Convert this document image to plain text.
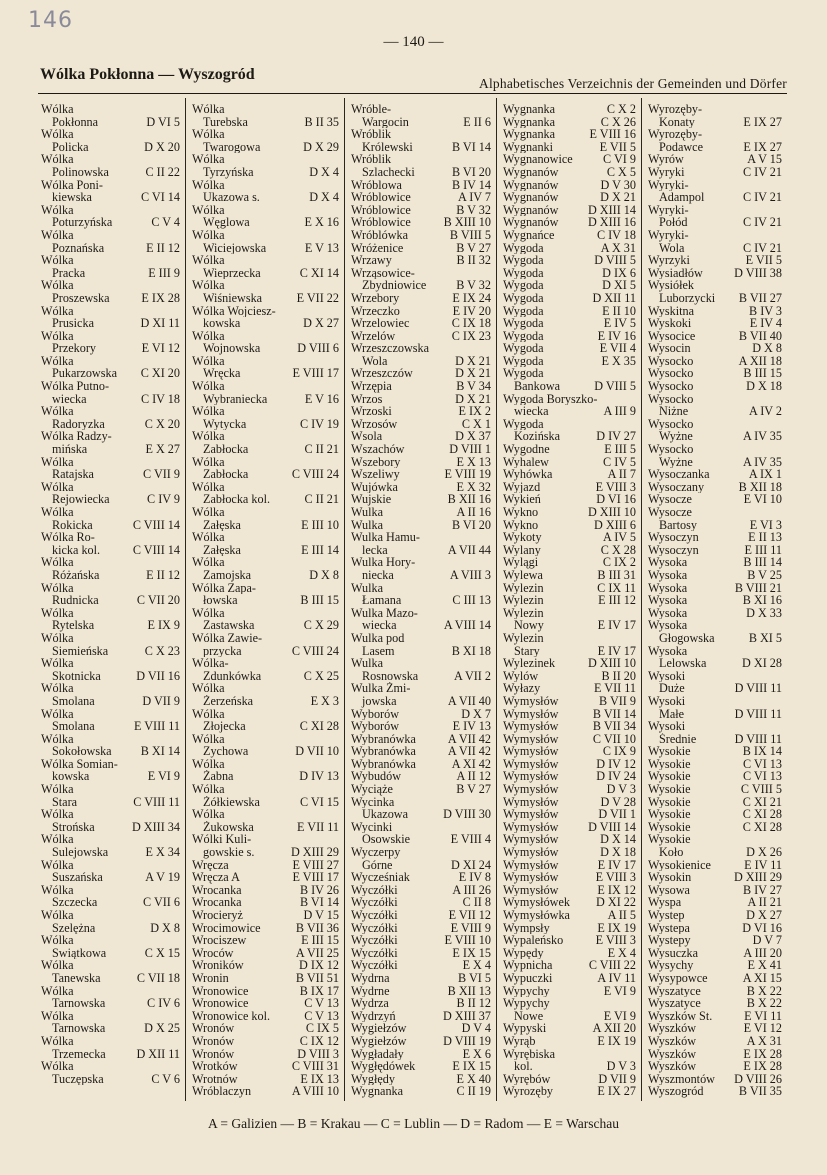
146
— 140 —
Wólka Pokłonna — Wyszogród
Alphabetisches Verzeichnis der Gemeinden und Dörfer
Wólka
Pokłonna	D VI 5
Wólka
Policka	D X 20
Wólka
Polinowska	C II 22
Wólka Poni-
kiewska	C VI 14
Wólka
Poturzyńska	C V 4
Wólka
Poznańska	E II 12
Wólka
Pracka	E III 9
Wólka
Proszewska	E IX 28
Wólka
Prusicka	D XI 11
Wólka
Przekory	E VI 12
Wólka
Pukarzowska	C XI 20
Wólka Putno-
wiecka	C IV 18
Wólka
Radoryzka	C X 20
Wólka Radzy-
mińska	E X 27
Wólka
Ratajska	C VII 9
Wólka
Rejowiecka	C IV 9
Wólka
Rokicka	C VIII 14
Wólka Ro-
kicka kol.	C VIII 14
Wólka
Różańska	E II 12
Wólka
Rudnicka	C VII 20
Wólka
Rytelska	E IX 9
Wólka
Siemieńska	C X 23
Wólka
Skotnicka	D VII 16
Wólka
Smolana	D VII 9
Wólka
Smolana	E VIII 11
Wólka
Sokołowska	B XI 14
Wólka Somian-
kowska	E VI 9
Wólka
Stara	C VIII 11
Wólka
Strońska	D XIII 34
Wólka
Sulejowska	E X 34
Wólka
Suszańska	A V 19
Wólka
Szczecka	C VII 6
Wólka
Szelężna	D X 8
Wólka
Swiątkowa	C X 15
Wólka
Tanewska	C VII 18
Wólka
Tarnowska	C IV 6
Wólka
Tarnowska	D X 25
Wólka
Trzemecka	D XII 11
Wólka
Tuczępska	C V 6
Wólka
Turebska	B II 35
Wólka
Twarogowa	D X 29
Wólka
Tyrzyńska	D X 4
Wólka
Ukazowa s.	D X 4
Wólka
Węglowa	E X 16
Wólka
Wiciejowska	E V 13
Wólka
Wieprzecka	C XI 14
Wólka
Wiśniewska	E VII 22
Wólka Wojciesz-
kowska	D X 27
Wólka
Wojnowska	D VIII 6
Wólka
Wręcka	E VIII 17
Wólka
Wybraniecka	E V 16
Wólka
Wytycka	C IV 19
Wólka
Zabłocka	C II 21
Wólka
Zabłocka	C VIII 24
Wólka
Zabłocka kol.	C II 21
Wólka
Załęska	E III 10
Wólka
Załęska	E III 14
Wólka
Zamojska	D X 8
Wólka Zapa-
łowska	B III 15
Wólka
Zastawska	C X 29
Wólka Zawie-
przycka	C VIII 24
Wólka-
Zdunkówka	C X 25
Wólka
Żerzeńska	E X 3
Wólka
Złojecka	C XI 28
Wólka
Zychowa	D VII 10
Wólka
Żabna	D IV 13
Wólka
Żółkiewska	C VI 15
Wólka
Żukowska	E VII 11
Wólki Kuli-
gowskie s.	D XIII 29
Wręcza	E VIII 27
Wręcza A	E VIII 17
Wrocanka	B IV 26
Wrocanka	B VI 14
Wrocieryż	D V 15
Wrocimowice	B VII 36
Wrociszew	E III 15
Wroców	A VII 25
Wroników	D IX 12
Wronin	B VII 51
Wronowice	B IX 17
Wronowice	C V 13
Wronowice kol.	C V 13
Wronów	C IX 5
Wronów	C IX 12
Wronów	D VIII 3
Wrotków	C VIII 31
Wrotnów	E IX 13
Wróblaczyn	A VIII 10
Wróble-
Wargocin	E II 6
Wróblik
Królewski	B VI 14
Wróblik
Szlachecki	B VI 20
Wróblowa	B IV 14
Wróblowice	A IV 7
Wróblowice	B V 32
Wróblowice	B XIII 10
Wróblówka	B VIII 5
Wróżenice	B V 27
Wrzawy	B II 32
Wrząsowice-
Zbydniowice	B V 32
Wrzebory	E IX 24
Wrzeczko	E IV 20
Wrzelowiec	C IX 18
Wrzelów	C IX 23
Wrzeszczowska
Wola	D X 21
Wrzeszczów	D X 21
Wrzępia	B V 34
Wrzos	D X 21
Wrzoski	E IX 2
Wrzosów	C X 1
Wsola	D X 37
Wszachów	D VIII 1
Wszebory	E X 13
Wszeliwy	E VIII 19
Wujówka	E X 32
Wujskie	B XII 16
Wulka	A II 16
Wulka	B VI 20
Wulka Hamu-
lecka	A VII 44
Wulka Hory-
niecka	A VIII 3
Wulka
Łamana	C III 13
Wulka Mazo-
wiecka	A VIII 14
Wulka pod
Lasem	B XI 18
Wulka
Rosnowska	A VII 2
Wulka Żmi-
jowska	A VII 40
Wyborów	D X 7
Wyborów	E IV 13
Wybranówka	A VII 42
Wybranówka	A VII 42
Wybranówka	A XI 42
Wybudów	A II 12
Wyciąże	B V 27
Wycinka
Ukazowa	D VIII 30
Wycinki
Osowskie	E VIII 4
Wyczerpy
Górne	D XI 24
Wycześniak	E IV 8
Wyczółki	A III 26
Wyczółki	C II 8
Wyczółki	E VII 12
Wyczółki	E VIII 9
Wyczółki	E VIII 10
Wyczółki	E IX 15
Wyczółki	E X 4
Wydrna	B VI 5
Wydrne	B XII 13
Wydrza	B II 12
Wydrzyń	D XIII 37
Wygiełzów	D V 4
Wygiełzów	D VIII 19
Wygładały	E X 6
Wygłędówek	E IX 15
Wygłędy	E X 40
Wygnanka	C II 19
Wygnanka	C X 2
Wygnanka	C X 26
Wygnanka	E VIII 16
Wygnanki	E VII 5
Wygnanowice	C VI 9
Wygnanów	C X 5
Wygnanów	D V 30
Wygnanów	D X 21
Wygnanów	D XIII 14
Wygnanów	D XIII 16
Wygnańce	C IV 18
Wygoda	A X 31
Wygoda	D VIII 5
Wygoda	D IX 6
Wygoda	D XI 5
Wygoda	D XII 11
Wygoda	E II 10
Wygoda	E IV 5
Wygoda	E IV 16
Wygoda	E VII 4
Wygoda	E X 35
Wygoda
Bankowa	D VIII 5
Wygoda Boryszko-
wiecka	A III 9
Wygoda
Kozińska	D IV 27
Wygodne	E III 5
Wyhalew	C IV 5
Wyhówka	A II 7
Wyjazd	E VIII 3
Wykień	D VI 16
Wykno	D XIII 10
Wykno	D XIII 6
Wykoty	A IV 5
Wylany	C X 28
Wylągi	C IX 2
Wylewa	B III 31
Wylezin	C IX 11
Wylezin	E III 12
Wylezin
Nowy	E IV 17
Wylezin
Stary	E IV 17
Wylezinek	D XIII 10
Wylów	B II 20
Wyłazy	E VII 11
Wymysłów	B VII 9
Wymysłów	B VII 14
Wymysłów	B VII 34
Wymysłów	C VII 10
Wymysłów	C IX 9
Wymysłów	D IV 12
Wymysłów	D IV 24
Wymysłów	D V 3
Wymysłów	D V 28
Wymysłów	D VII 1
Wymysłów	D VIII 14
Wymysłów	D X 14
Wymysłów	D X 18
Wymysłów	E IV 17
Wymysłów	E VIII 3
Wymysłów	E IX 12
Wymysłówek	D XI 22
Wymysłówka	A II 5
Wympsły	E IX 19
Wypaleńsko	E VIII 3
Wypędy	E X 4
Wypnicha	C VIII 22
Wypuczki	A IV 11
Wypychy	E VI 9
Wypychy
Nowe	E VI 9
Wypyski	A XII 20
Wyrąb	E IX 19
Wyrębiska
kol.	D V 3
Wyrębów	D VII 9
Wyrozęby	E IX 27
Wyrozęby-
Konaty	E IX 27
Wyrozęby-
Podawce	E IX 27
Wyrów	A V 15
Wyryki	C IV 21
Wyryki-
Adampol	C IV 21
Wyryki-
Połód	C IV 21
Wyryki-
Wola	C IV 21
Wyrzyki	E VII 5
Wysiadłów	D VIII 38
Wysiółek
Luborzycki	B VII 27
Wyskitna	B IV 3
Wyskoki	E IV 4
Wysocice	B VII 40
Wysocin	D X 8
Wysocko	A XII 18
Wysocko	B III 15
Wysocko	D X 18
Wysocko
Niżne	A IV 2
Wysocko
Wyżne	A IV 35
Wysocko
Wyżne	A IV 35
Wysoczanka	A IX 1
Wysoczany	B XII 18
Wysocze	E VI 10
Wysocze
Bartosy	E VI 3
Wysoczyn	E II 13
Wysoczyn	E III 11
Wysoka	B III 14
Wysoka	B V 25
Wysoka	B VIII 21
Wysoka	B XI 16
Wysoka	D X 33
Wysoka
Głogowska	B XI 5
Wysoka
Lelowska	D XI 28
Wysoki
Duże	D VIII 11
Wysoki
Małe	D VIII 11
Wysoki
Średnie	D VIII 11
Wysokie	B IX 14
Wysokie	C VI 13
Wysokie	C VI 13
Wysokie	C VIII 5
Wysokie	C XI 21
Wysokie	C XI 28
Wysokie	C XI 28
Wysokie
Koło	D X 26
Wysokienice	E IV 11
Wysokin	D XIII 29
Wysowa	B IV 27
Wyspa	A II 21
Wystep	D X 27
Wystepa	D VI 16
Wystepy	D V 7
Wysuczka	A III 20
Wysychy	E X 41
Wysypowce	A XI 15
Wyszatyce	B X 22
Wyszatyce	B X 22
Wyszków St.	E VI 11
Wyszków	E VI 12
Wyszków	A X 31
Wyszków	E IX 28
Wyszków	E IX 28
Wyszmontów	D VIII 26
Wyszogród	B VII 35
A = Galizien — B = Krakau — C = Lublin — D = Radom — E = Warschau
